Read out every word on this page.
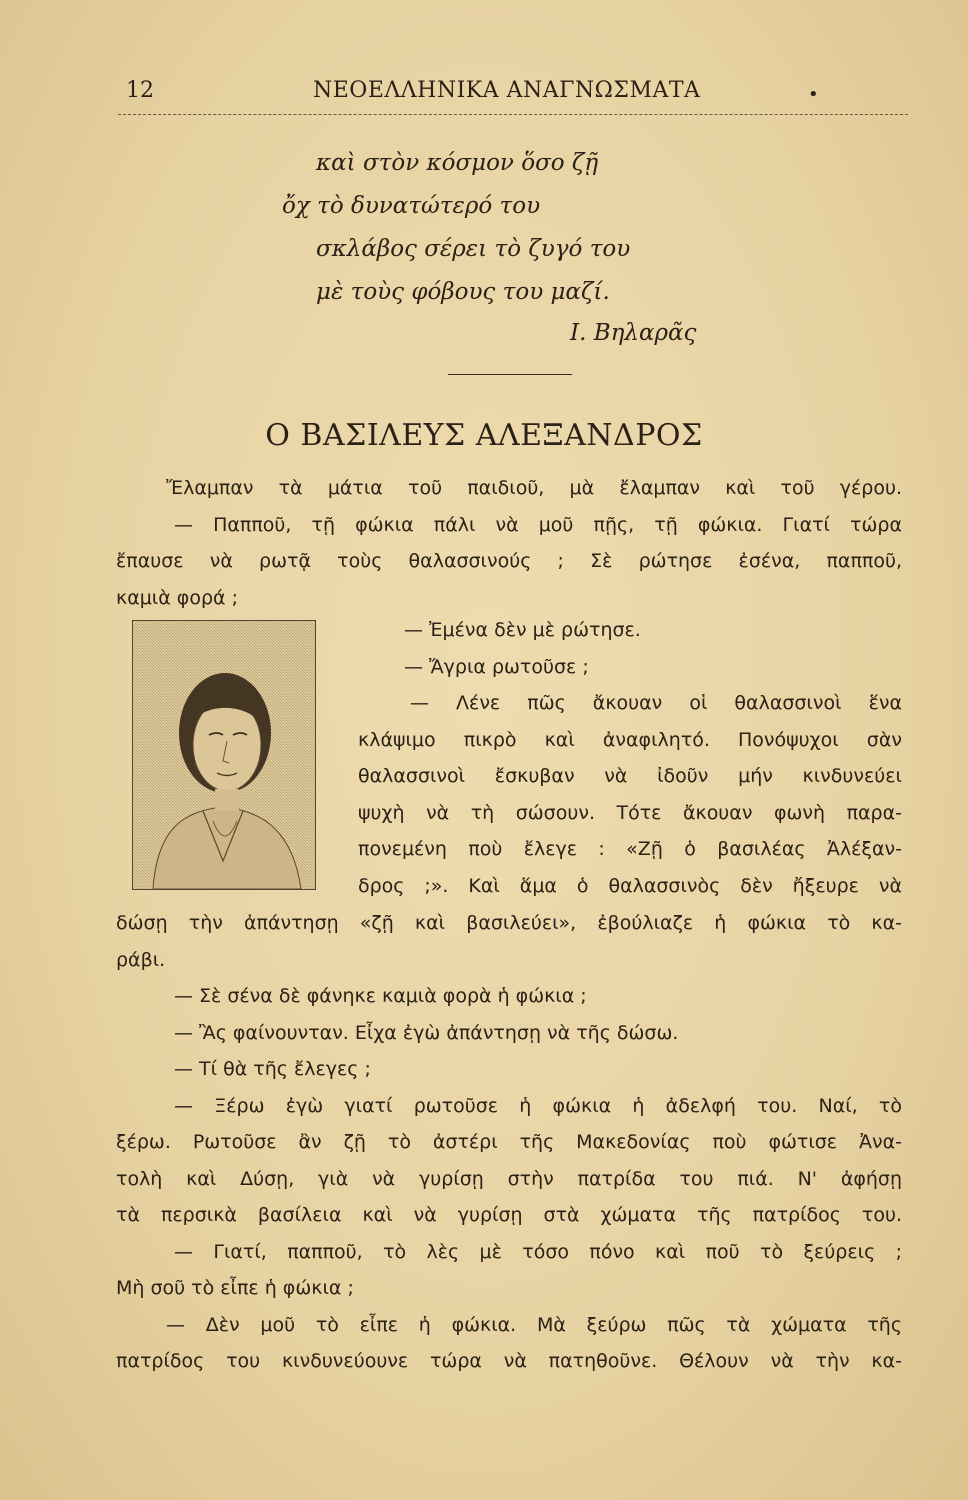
12	ΝΕΟΕΛΛΗΝΙΚΑ ΑΝΑΓΝΩΣΜΑΤΑ	•
καὶ στὸν κόσμον ὅσο ζῇ
ὄχ τὸ δυνατώτερό του
σκλάβος σέρει τὸ ζυγό του
μὲ τοὺς φόβους του μαζί.
Ι. Βηλαρᾶς
Ο ΒΑΣΙΛΕΥΣ ΑΛΕΞΑΝΔΡΟΣ
Ἔλαμπαν τὰ μάτια τοῦ παιδιοῦ, μὰ ἔλαμπαν καὶ τοῦ γέρου.
— Παπποῦ, τῇ φώκια πάλι νὰ μοῦ πῇς, τῇ φώκια. Γιατί τώρα
ἔπαυσε νὰ ρωτᾷ τοὺς θαλασσινούς ; Σὲ ρώτησε ἐσένα, παπποῦ,
καμιὰ φορά ;
— Ἐμένα δὲν μὲ ρώτησε.
— Ἄγρια ρωτοῦσε ;
— Λένε πῶς ἄκουαν οἱ θαλασσινοὶ ἕνα
κλάψιμο πικρὸ καὶ ἀναφιλητό. Πονόψυχοι σὰν
θαλασσινοὶ ἔσκυβαν νὰ ἰδοῦν μήν κινδυνεύει
ψυχὴ νὰ τὴ σώσουν. Τότε ἄκουαν φωνὴ παρα-
πονεμένη ποὺ ἔλεγε : «Ζῇ ὁ βασιλέας Ἀλέξαν-
δρος ;». Καὶ ἅμα ὁ θαλασσινὸς δὲν ἤξευρε νὰ
δώσῃ τὴν ἀπάντησῃ «ζῇ καὶ βασιλεύει», ἐβούλιαζε ἡ φώκια τὸ κα-
ράβι.
— Σὲ σένα δὲ φάνηκε καμιὰ φορὰ ἡ φώκια ;
— Ἂς φαίνουνταν. Εἶχα ἐγὼ ἀπάντησῃ νὰ τῆς δώσω.
— Τί θὰ τῆς ἔλεγες ;
— Ξέρω ἐγὼ γιατί ρωτοῦσε ἡ φώκια ἡ ἀδελφή του. Ναί, τὸ
ξέρω. Ρωτοῦσε ἂν ζῇ τὸ ἀστέρι τῆς Μακεδονίας ποὺ φώτισε Ἀνα-
τολὴ καὶ Δύσῃ, γιὰ νὰ γυρίσῃ στὴν πατρίδα του πιά. Ν' ἀφήσῃ
τὰ περσικὰ βασίλεια καὶ νὰ γυρίσῃ στὰ χώματα τῆς πατρίδος του.
— Γιατί, παπποῦ, τὸ λὲς μὲ τόσο πόνο καὶ ποῦ τὸ ξεύρεις ;
Μὴ σοῦ τὸ εἶπε ἡ φώκια ;
— Δὲν μοῦ τὸ εἶπε ἡ φώκια. Μὰ ξεύρω πῶς τὰ χώματα τῆς
πατρίδος του κινδυνεύουνε τώρα νὰ πατηθοῦνε. Θέλουν νὰ τὴν κα-
